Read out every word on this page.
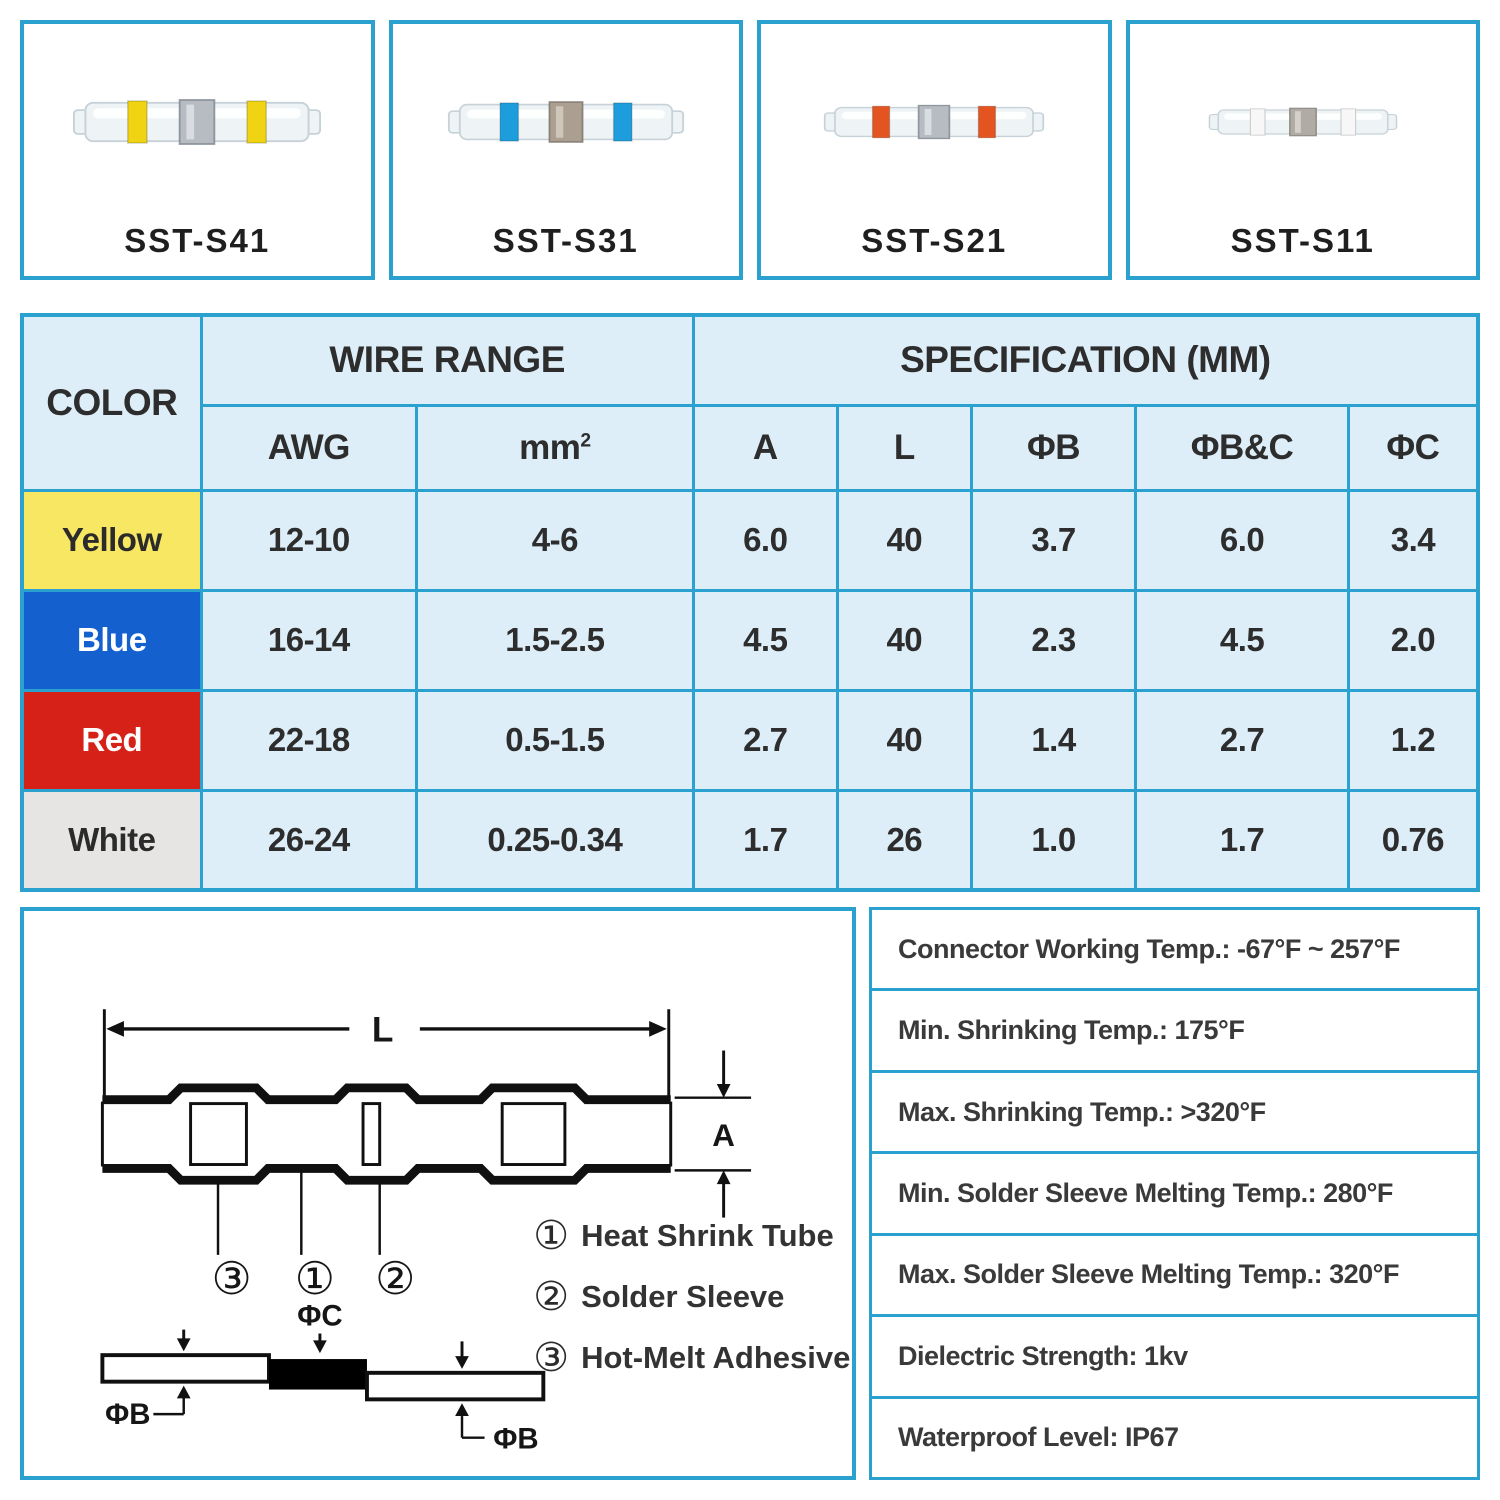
SST-S41	SST-S31	SST-S21	SST-S11
COLOR	WIRE RANGE		SPECIFICATION (MM)				
	AWG	$mm^2$	A	L	ΦB	ΦB&C	ΦC
Yellow	12-10	4-6	6.0	40	3.7	6.0	3.4
Blue	16-14	1.5-2.5	4.5	40	2.3	4.5	2.0
Red	22-18	0.5-1.5	2.7	40	1.4	2.7	1.2
White	26-24	0.25-0.34	1.7	26	1.0	1.7	0.76
L
A
③ ① ②
ΦC
ΦB
ΦB
① Heat Shrink Tube
② Solder Sleeve
③ Hot-Melt Adhesive
Connector Working Temp.: -67°F ~ 257°F
Min. Shrinking Temp.: 175°F
Max. Shrinking Temp.: >320°F
Min. Solder Sleeve Melting Temp.: 280°F
Max. Solder Sleeve Melting Temp.: 320°F
Dielectric Strength: 1kv
Waterproof Level: IP67
